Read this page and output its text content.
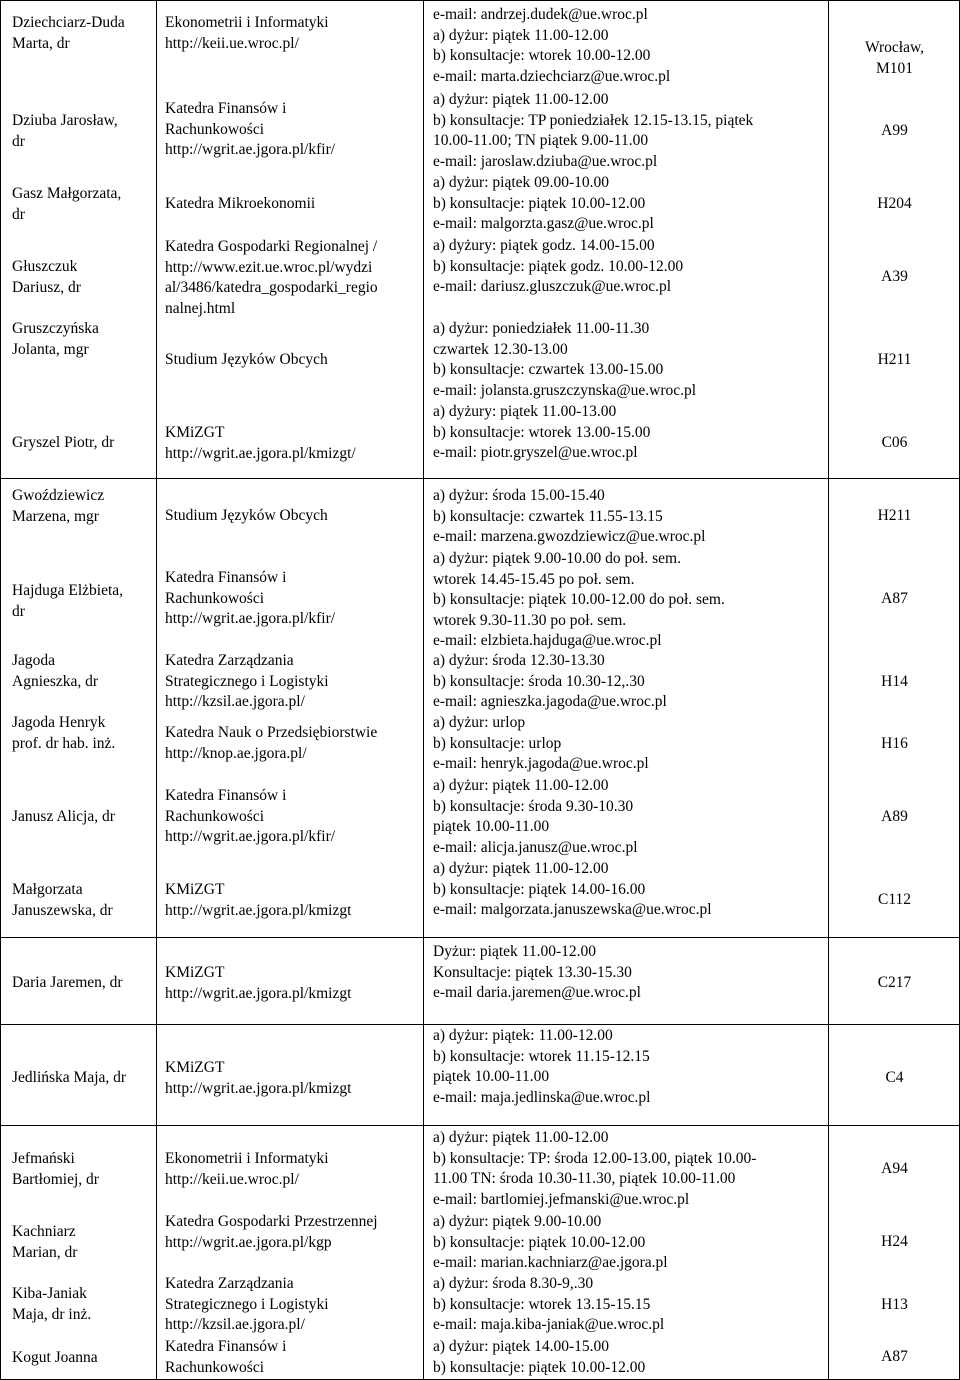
Dziechciarz-Duda
Marta, dr
Dziuba Jarosław,
dr
Gasz Małgorzata,
dr
Głuszczuk
Dariusz, dr
Gruszczyńska
Jolanta, mgr
Gryszel Piotr, dr
Ekonometrii i Informatyki
http://keii.ue.wroc.pl/
Katedra Finansów i
Rachunkowości
http://wgrit.ae.jgora.pl/kfir/
Katedra Mikroekonomii
Katedra Gospodarki Regionalnej /
http://www.ezit.ue.wroc.pl/wydzi
al/3486/katedra_gospodarki_regio
nalnej.html
Studium Języków Obcych
KMiZGT
http://wgrit.ae.jgora.pl/kmizgt/
e-mail: andrzej.dudek@ue.wroc.pl
a) dyżur: piątek 11.00-12.00
b) konsultacje: wtorek 10.00-12.00
e-mail: marta.dziechciarz@ue.wroc.pl
a) dyżur: piątek 11.00-12.00
b) konsultacje: TP poniedziałek 12.15-13.15, piątek
10.00-11.00; TN piątek 9.00-11.00
e-mail: jaroslaw.dziuba@ue.wroc.pl
a) dyżur: piątek 09.00-10.00
b) konsultacje: piątek 10.00-12.00
e-mail: malgorzta.gasz@ue.wroc.pl
a) dyżury: piątek godz. 14.00-15.00
b) konsultacje: piątek godz. 10.00-12.00
e-mail: dariusz.gluszczuk@ue.wroc.pl
a) dyżur: poniedziałek 11.00-11.30
czwartek 12.30-13.00
b) konsultacje: czwartek 13.00-15.00
e-mail: jolansta.gruszczynska@ue.wroc.pl
a) dyżury: piątek 11.00-13.00
b) konsultacje: wtorek 13.00-15.00
e-mail: piotr.gryszel@ue.wroc.pl
Wrocław,
M101
A99
H204
A39
H211
C06
Gwoździewicz
Marzena, mgr
Hajduga Elżbieta,
dr
Jagoda
Agnieszka, dr
Jagoda Henryk
prof. dr hab. inż.
Janusz Alicja, dr
Małgorzata
Januszewska, dr
Studium Języków Obcych
Katedra Finansów i
Rachunkowości
http://wgrit.ae.jgora.pl/kfir/
Katedra Zarządzania
Strategicznego i Logistyki
http://kzsil.ae.jgora.pl/
Katedra Nauk o Przedsiębiorstwie
http://knop.ae.jgora.pl/
Katedra Finansów i
Rachunkowości
http://wgrit.ae.jgora.pl/kfir/
KMiZGT
http://wgrit.ae.jgora.pl/kmizgt
a) dyżur: środa 15.00-15.40
b) konsultacje: czwartek 11.55-13.15
e-mail: marzena.gwozdziewicz@ue.wroc.pl
a) dyżur: piątek 9.00-10.00 do poł. sem.
wtorek 14.45-15.45 po poł. sem.
b) konsultacje: piątek 10.00-12.00 do poł. sem.
wtorek 9.30-11.30 po poł. sem.
e-mail: elzbieta.hajduga@ue.wroc.pl
a) dyżur: środa 12.30-13.30
b) konsultacje: środa 10.30-12,.30
e-mail: agnieszka.jagoda@ue.wroc.pl
a) dyżur: urlop
b) konsultacje: urlop
e-mail: henryk.jagoda@ue.wroc.pl
a) dyżur: piątek 11.00-12.00
b) konsultacje: środa 9.30-10.30
piątek 10.00-11.00
e-mail: alicja.janusz@ue.wroc.pl
a) dyżur: piątek 11.00-12.00
b) konsultacje: piątek 14.00-16.00
e-mail: malgorzata.januszewska@ue.wroc.pl
H211
A87
H14
H16
A89
C112
Daria Jaremen, dr
KMiZGT
http://wgrit.ae.jgora.pl/kmizgt
Dyżur: piątek 11.00-12.00
Konsultacje: piątek 13.30-15.30
e-mail daria.jaremen@ue.wroc.pl
C217
Jedlińska Maja, dr
KMiZGT
http://wgrit.ae.jgora.pl/kmizgt
a) dyżur: piątek: 11.00-12.00
b) konsultacje: wtorek 11.15-12.15
piątek 10.00-11.00
e-mail: maja.jedlinska@ue.wroc.pl
C4
Jefmański
Bartłomiej, dr
Kachniarz
Marian, dr
Kiba-Janiak
Maja, dr inż.
Kogut Joanna
Ekonometrii i Informatyki
http://keii.ue.wroc.pl/
Katedra Gospodarki Przestrzennej
http://wgrit.ae.jgora.pl/kgp
Katedra Zarządzania
Strategicznego i Logistyki
http://kzsil.ae.jgora.pl/
Katedra Finansów i
Rachunkowości
a) dyżur: piątek 11.00-12.00
b) konsultacje: TP: środa 12.00-13.00, piątek 10.00-
11.00 TN: środa 10.30-11.30, piątek 10.00-11.00
e-mail: bartlomiej.jefmanski@ue.wroc.pl
a) dyżur: piątek 9.00-10.00
b) konsultacje: piątek 10.00-12.00
e-mail: marian.kachniarz@ae.jgora.pl
a) dyżur: środa 8.30-9,.30
b) konsultacje: wtorek 13.15-15.15
e-mail: maja.kiba-janiak@ue.wroc.pl
a) dyżur: piątek 14.00-15.00
b) konsultacje: piątek 10.00-12.00
A94
H24
H13
A87
